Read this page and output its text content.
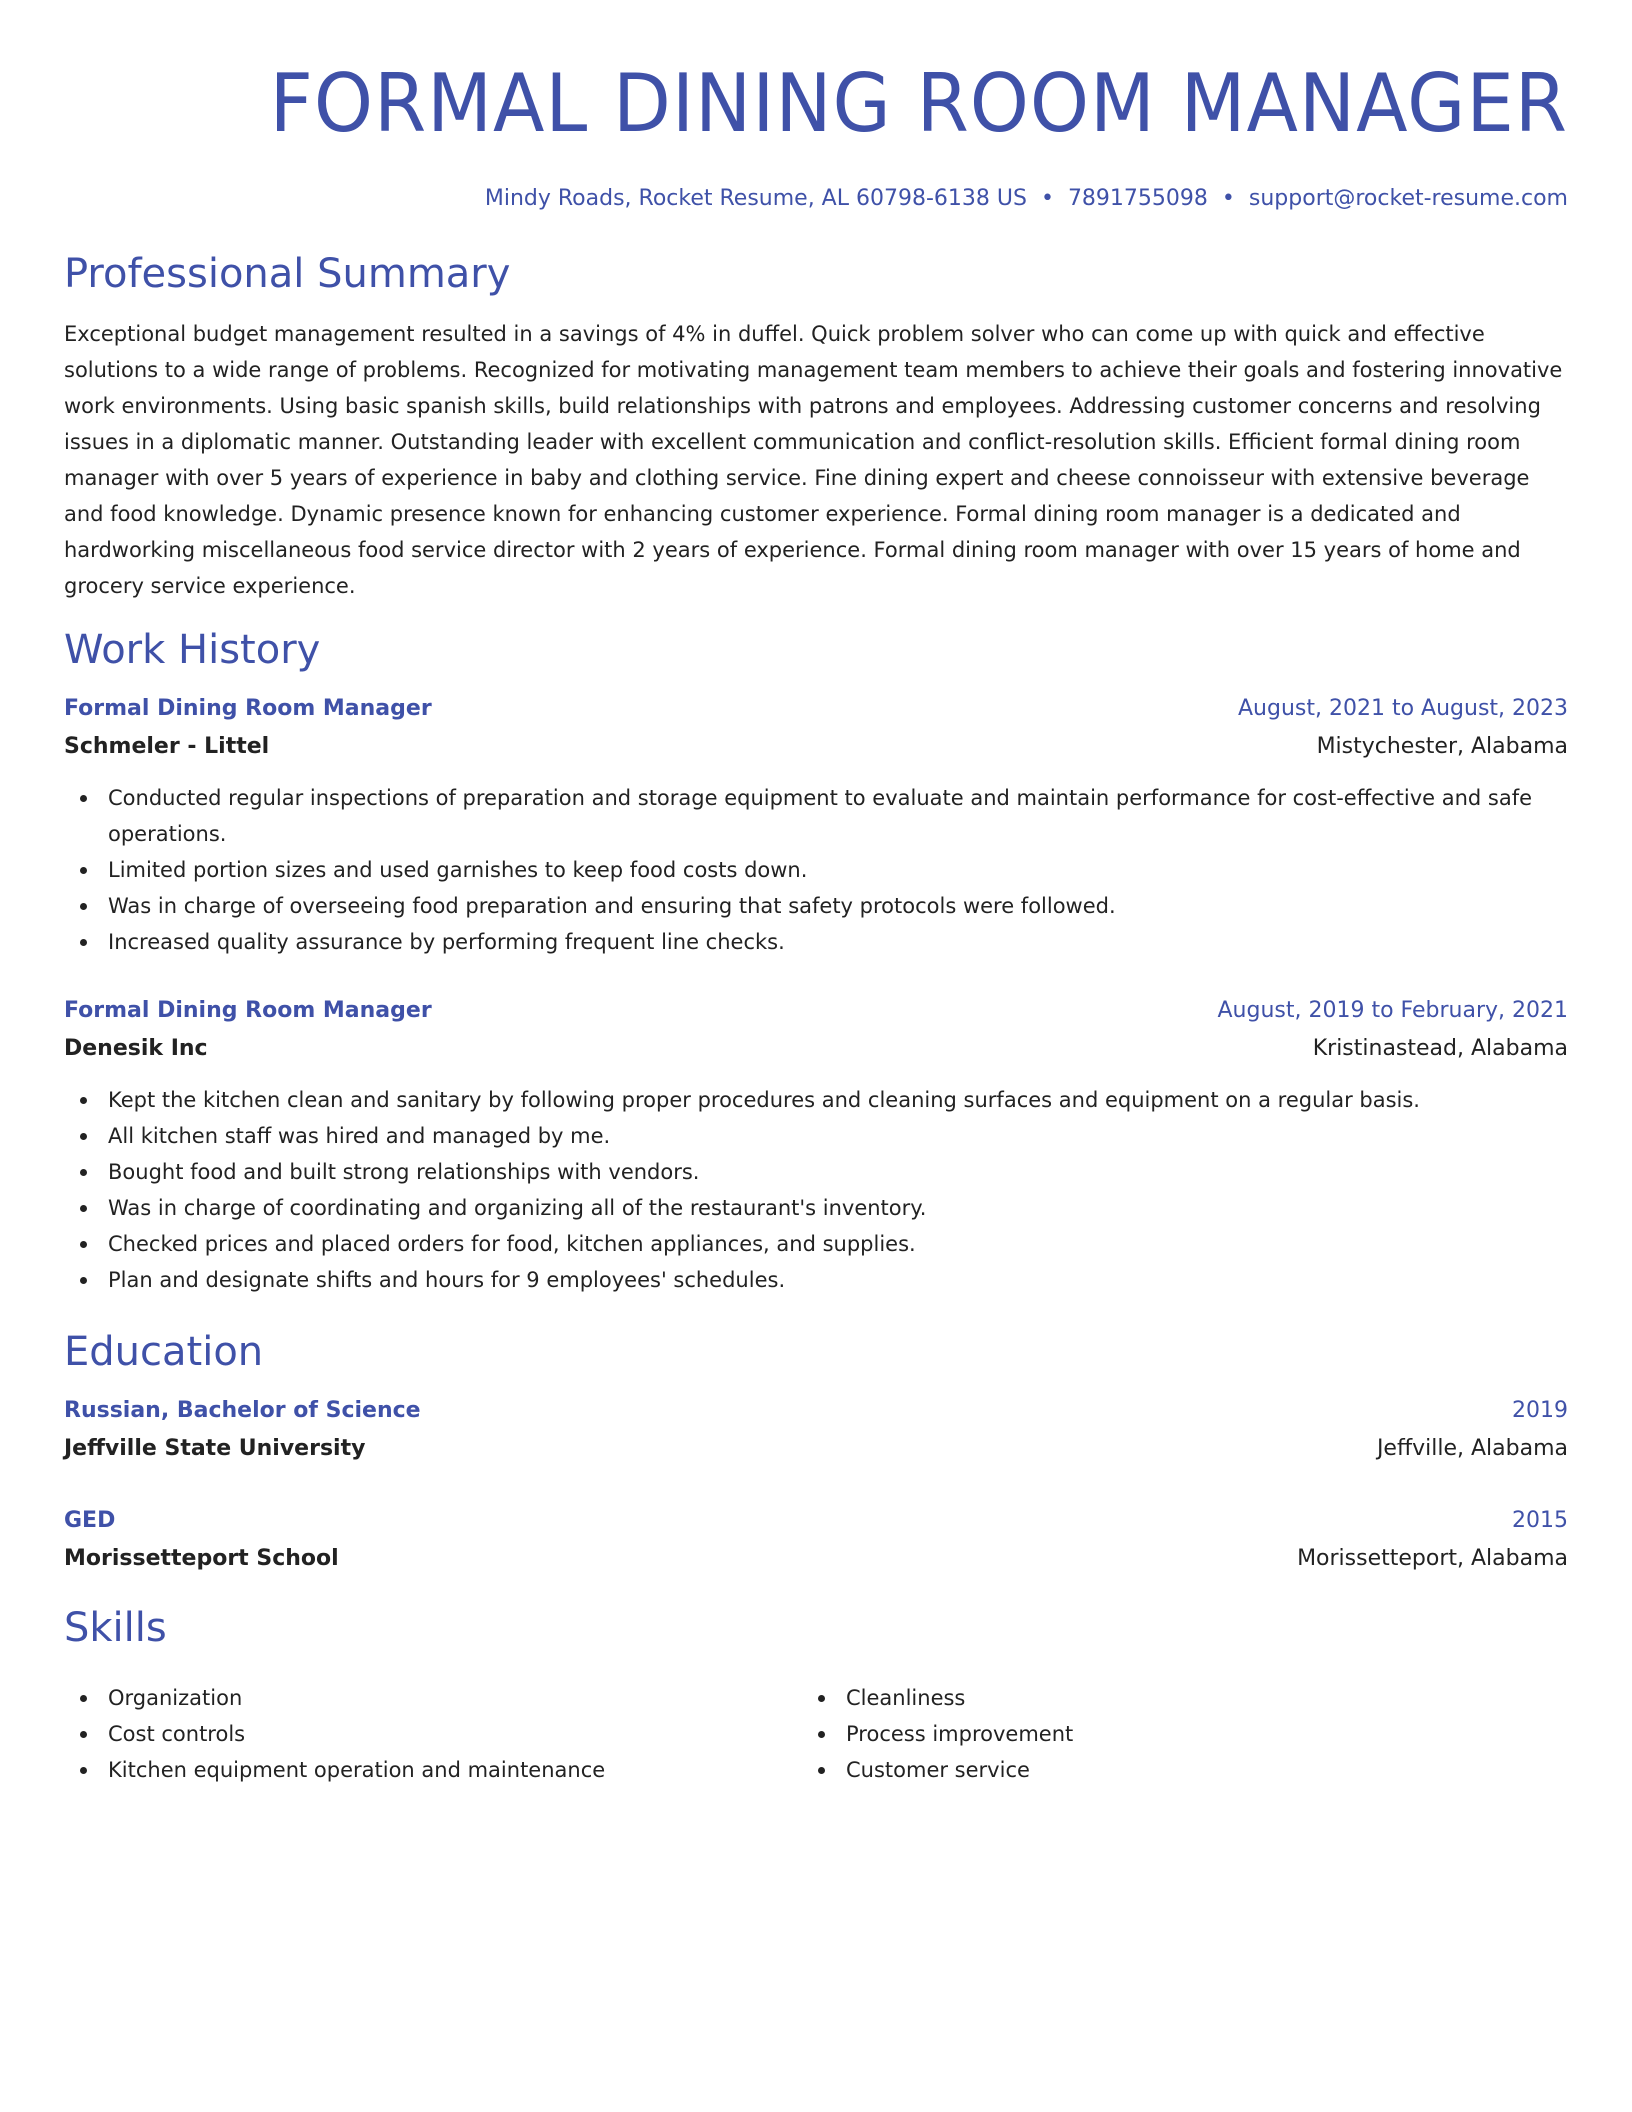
FORMAL DINING ROOM MANAGER
Mindy Roads, Rocket Resume, AL 60798-6138 US • 7891755098 • support@rocket-resume.com
Professional Summary

Exceptional budget management resulted in a savings of 4% in duffel. Quick problem solver who can come up with quick and effective solutions to a wide range of problems. Recognized for motivating management team members to achieve their goals and fostering innovative work environments. Using basic spanish skills, build relationships with patrons and employees. Addressing customer concerns and resolving issues in a diplomatic manner. Outstanding leader with excellent communication and conflict-resolution skills. Efficient formal dining room manager with over 5 years of experience in baby and clothing service. Fine dining expert and cheese connoisseur with extensive beverage and food knowledge. Dynamic presence known for enhancing customer experience. Formal dining room manager is a dedicated and hardworking miscellaneous food service director with 2 years of experience. Formal dining room manager with over 15 years of home and grocery service experience.

Work History
Formal Dining Room Manager	August, 2021 to August, 2023
Schmeler - Littel	Mistychester, Alabama
Conducted regular inspections of preparation and storage equipment to evaluate and maintain performance for cost-effective and safe operations.
Limited portion sizes and used garnishes to keep food costs down.
Was in charge of overseeing food preparation and ensuring that safety protocols were followed.
Increased quality assurance by performing frequent line checks.
Formal Dining Room Manager	August, 2019 to February, 2021
Denesik Inc	Kristinastead, Alabama
Kept the kitchen clean and sanitary by following proper procedures and cleaning surfaces and equipment on a regular basis.
All kitchen staff was hired and managed by me.
Bought food and built strong relationships with vendors.
Was in charge of coordinating and organizing all of the restaurant's inventory.
Checked prices and placed orders for food, kitchen appliances, and supplies.
Plan and designate shifts and hours for 9 employees' schedules.
Education
Russian, Bachelor of Science	2019
Jeffville State University	Jeffville, Alabama
GED	2015
Morissetteport School	Morissetteport, Alabama
Skills
Organization
Cost controls
Kitchen equipment operation and maintenance
Cleanliness
Process improvement
Customer service
